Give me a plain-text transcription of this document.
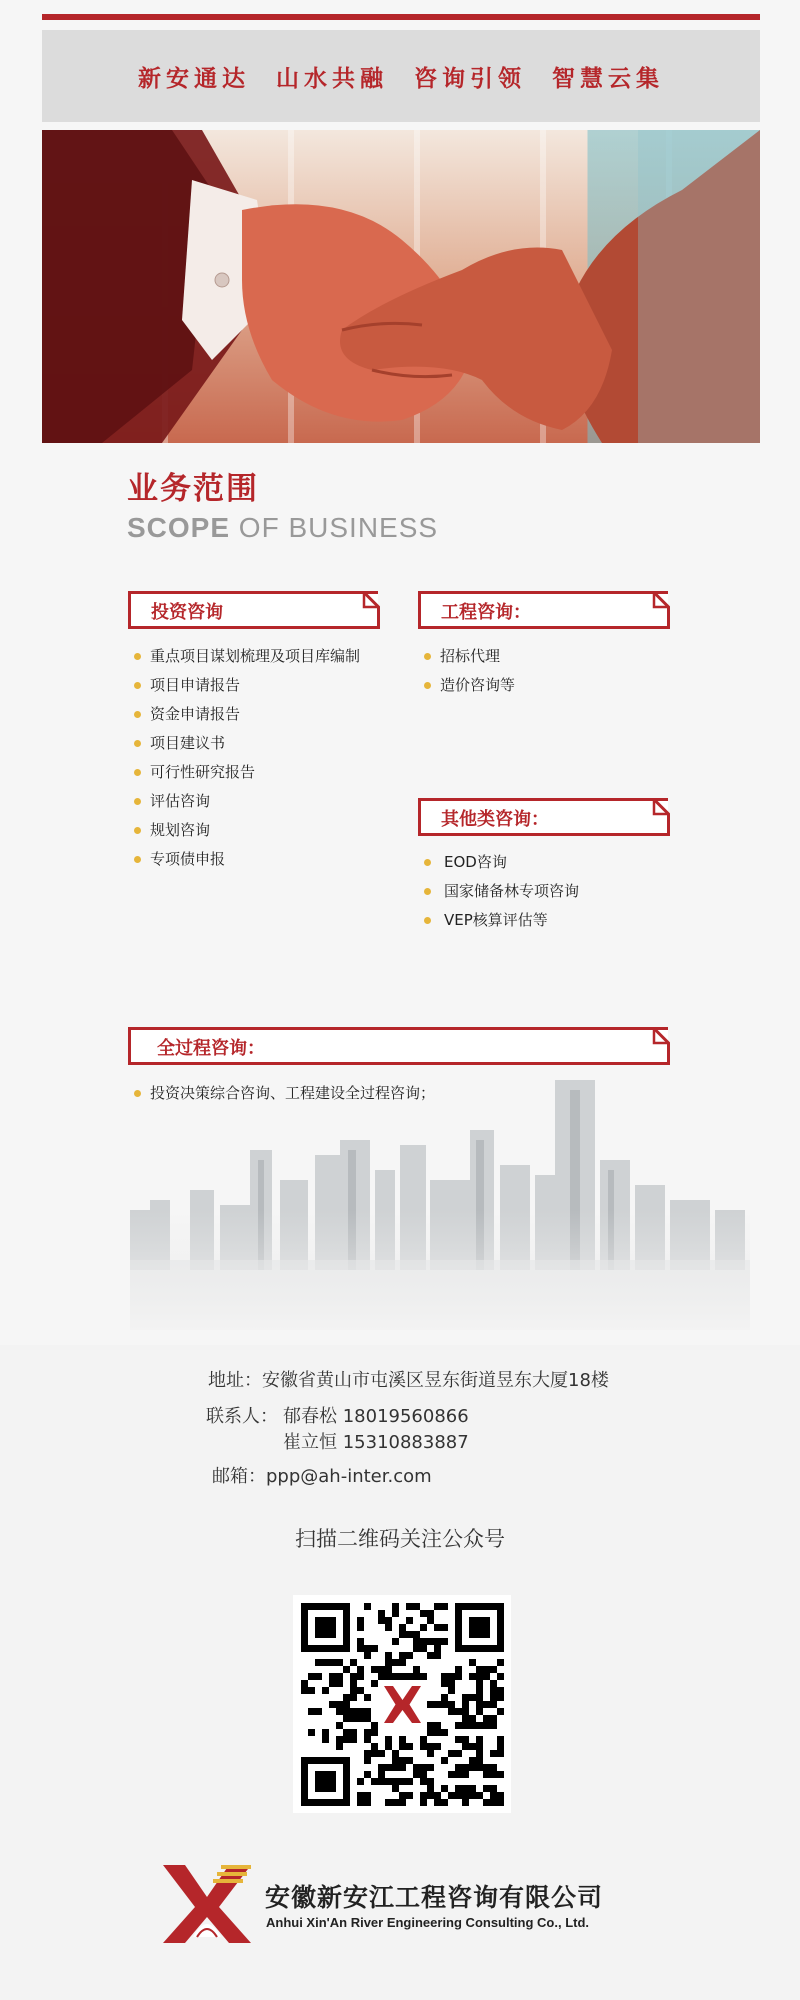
新安通达  山水共融  咨询引领  智慧云集
业务范围
SCOPE OF BUSINESS
投资咨询
重点项目谋划梳理及项目库编制
项目申请报告
资金申请报告
项目建议书
可行性研究报告
评估咨询
规划咨询
专项债申报
工程咨询：
招标代理
造价咨询等
其他类咨询：
EOD咨询
国家储备林专项咨询
VEP核算评估等
全过程咨询：
投资决策综合咨询、工程建设全过程咨询；
地址：安徽省黄山市屯溪区昱东街道昱东大厦18楼
联系人： 郁春松 18019560866
崔立恒 15310883887
邮箱：ppp@ah-inter.com
扫描二维码关注公众号
安徽新安江工程咨询有限公司
Anhui Xin'An River Engineering Consulting Co., Ltd.
